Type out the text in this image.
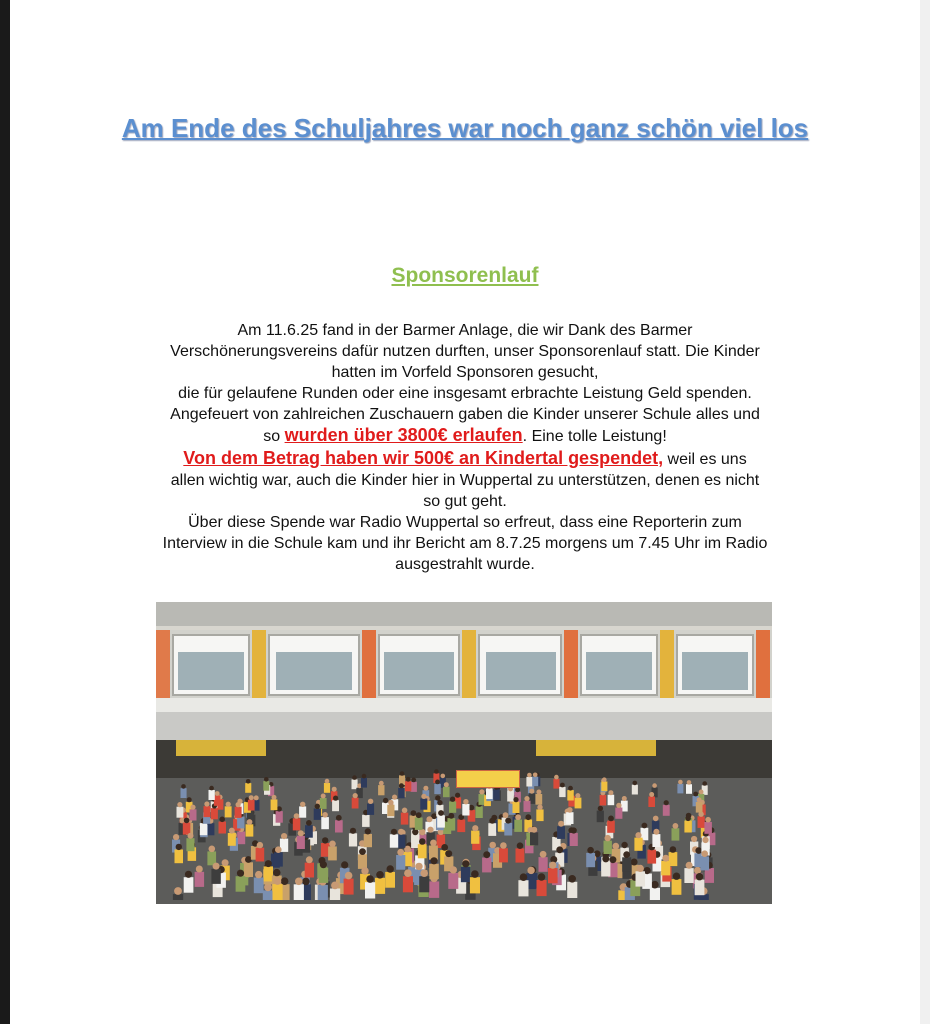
Am Ende des Schuljahres war noch ganz schön viel los
Sponsorenlauf

Am 11.6.25 fand in der Barmer Anlage, die wir Dank des Barmer
Verschönerungsvereins dafür nutzen durften, unser Sponsorenlauf statt. Die Kinder
hatten im Vorfeld Sponsoren gesucht,
die für gelaufene Runden oder eine insgesamt erbrachte Leistung Geld spenden.
Angefeuert von zahlreichen Zuschauern gaben die Kinder unserer Schule alles und
so wurden über 3800€ erlaufen. Eine tolle Leistung!
Von dem Betrag haben wir 500€ an Kindertal gespendet, weil es uns
allen wichtig war, auch die Kinder hier in Wuppertal zu unterstützen, denen es nicht
so gut geht.
Über diese Spende war Radio Wuppertal so erfreut, dass eine Reporterin zum
Interview in die Schule kam und ihr Bericht am 8.7.25 morgens um 7.45 Uhr im Radio
ausgestrahlt wurde.
